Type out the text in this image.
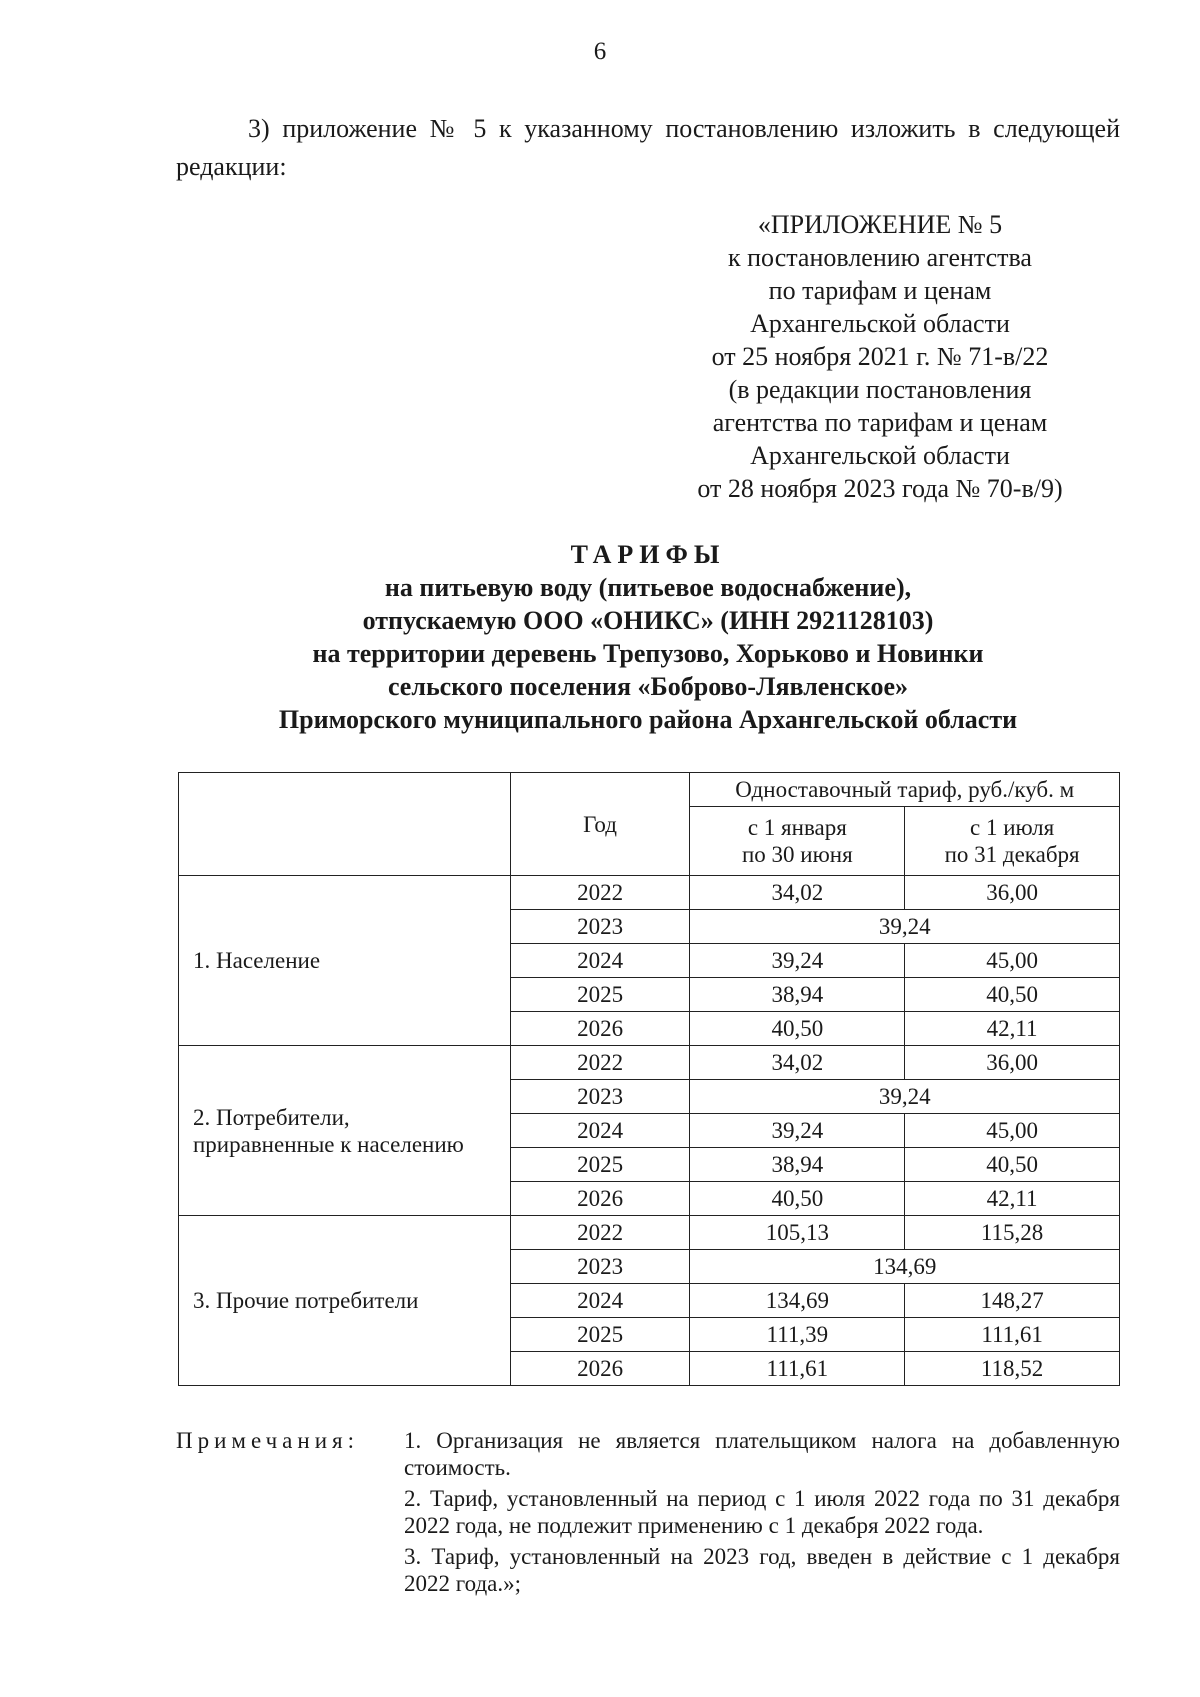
6
3) приложение № 5 к указанному постановлению изложить в следующей редакции:
«ПРИЛОЖЕНИЕ № 5
к постановлению агентства
по тарифам и ценам
Архангельской области
от 25 ноября 2021 г. № 71-в/22
(в редакции постановления
агентства по тарифам и ценам
Архангельской области
от 28 ноября 2023 года № 70-в/9)
ТАРИФЫ
на питьевую воду (питьевое водоснабжение),
отпускаемую ООО «ОНИКС» (ИНН 2921128103)
на территории деревень Трепузово, Хорьково и Новинки
сельского поселения «Боброво-Лявленское»
Приморского муниципального района Архангельской области
	Год	Одноставочный тариф, руб./куб. м	
		с 1 января
по 30 июня	с 1 июля
по 31 декабря
1. Население	2022	34,02	36,00
	2023	39,24	
	2024	39,24	45,00
	2025	38,94	40,50
	2026	40,50	42,11
2. Потребители,
приравненные к населению	2022	34,02	36,00
	2023	39,24	
	2024	39,24	45,00
	2025	38,94	40,50
	2026	40,50	42,11
3. Прочие потребители	2022	105,13	115,28
	2023	134,69	
	2024	134,69	148,27
	2025	111,39	111,61
	2026	111,61	118,52
Примечания: 1. Организация не является плательщиком налога на добавленную стоимость.
2. Тариф, установленный на период с 1 июля 2022 года по 31 декабря 2022 года, не подлежит применению с 1 декабря 2022 года.
3. Тариф, установленный на 2023 год, введен в действие с 1 декабря 2022 года.»;
